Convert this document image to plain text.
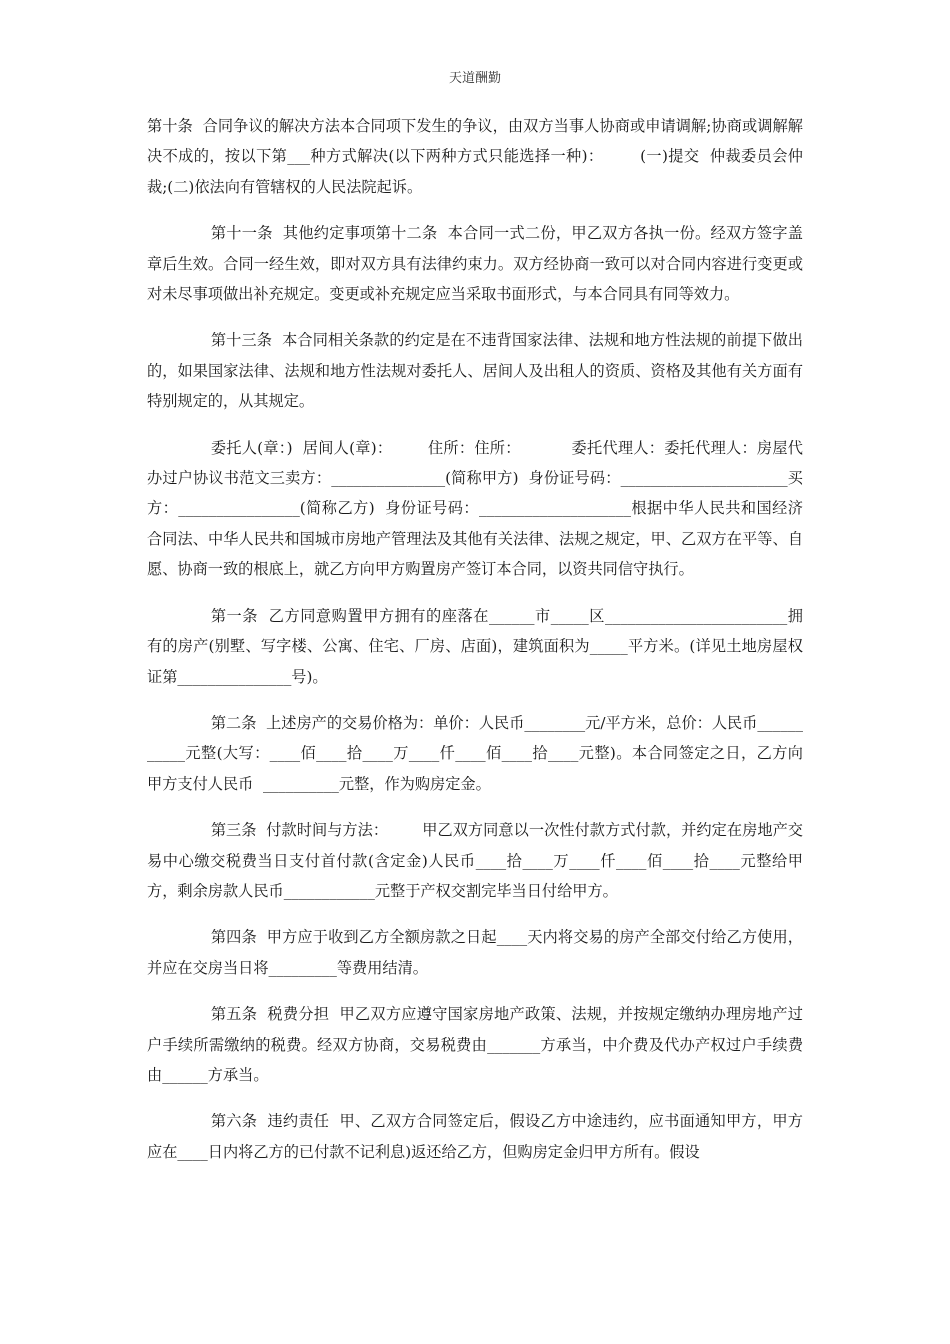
天道酬勤

第十条  合同争议的解决方法本合同项下发生的争议，由双方当事人协商或申请调解;协商或调解解决不成的，按以下第___种方式解决(以下两种方式只能选择一种)：       (一)提交  仲裁委员会仲裁;(二)依法向有管辖权的人民法院起诉。

第十一条  其他约定事项第十二条  本合同一式二份，甲乙双方各执一份。经双方签字盖章后生效。合同一经生效，即对双方具有法律约束力。双方经协商一致可以对合同内容进行变更或对未尽事项做出补充规定。变更或补充规定应当采取书面形式，与本合同具有同等效力。

第十三条  本合同相关条款的约定是在不违背国家法律、法规和地方性法规的前提下做出的，如果国家法律、法规和地方性法规对委托人、居间人及出租人的资质、资格及其他有关方面有特别规定的，从其规定。

委托人(章：)  居间人(章)：       住所：住所：          委托代理人：委托代理人：房屋代办过户协议书范文三卖方：_______________(简称甲方)  身份证号码：______________________买方：________________(简称乙方)  身份证号码：____________________根据中华人民共和国经济合同法、中华人民共和国城市房地产管理法及其他有关法律、法规之规定，甲、乙双方在平等、自愿、协商一致的根底上，就乙方向甲方购置房产签订本合同，以资共同信守执行。

第一条  乙方同意购置甲方拥有的座落在______市_____区________________________拥有的房产(别墅、写字楼、公寓、住宅、厂房、店面)，建筑面积为_____平方米。(详见土地房屋权证第_______________号)。

第二条  上述房产的交易价格为：单价：人民币________元/平方米，总价：人民币___________元整(大写：____佰____拾____万____仟____佰____拾____元整)。本合同签定之日，乙方向甲方支付人民币  __________元整，作为购房定金。

第三条  付款时间与方法：       甲乙双方同意以一次性付款方式付款，并约定在房地产交易中心缴交税费当日支付首付款(含定金)人民币____拾____万____仟____佰____拾____元整给甲方，剩余房款人民币____________元整于产权交割完毕当日付给甲方。

第四条  甲方应于收到乙方全额房款之日起____天内将交易的房产全部交付给乙方使用，并应在交房当日将_________等费用结清。

第五条  税费分担  甲乙双方应遵守国家房地产政策、法规，并按规定缴纳办理房地产过户手续所需缴纳的税费。经双方协商，交易税费由_______方承当，中介费及代办产权过户手续费由______方承当。

第六条  违约责任  甲、乙双方合同签定后，假设乙方中途违约，应书面通知甲方，甲方应在____日内将乙方的已付款不记利息)返还给乙方，但购房定金归甲方所有。假设
